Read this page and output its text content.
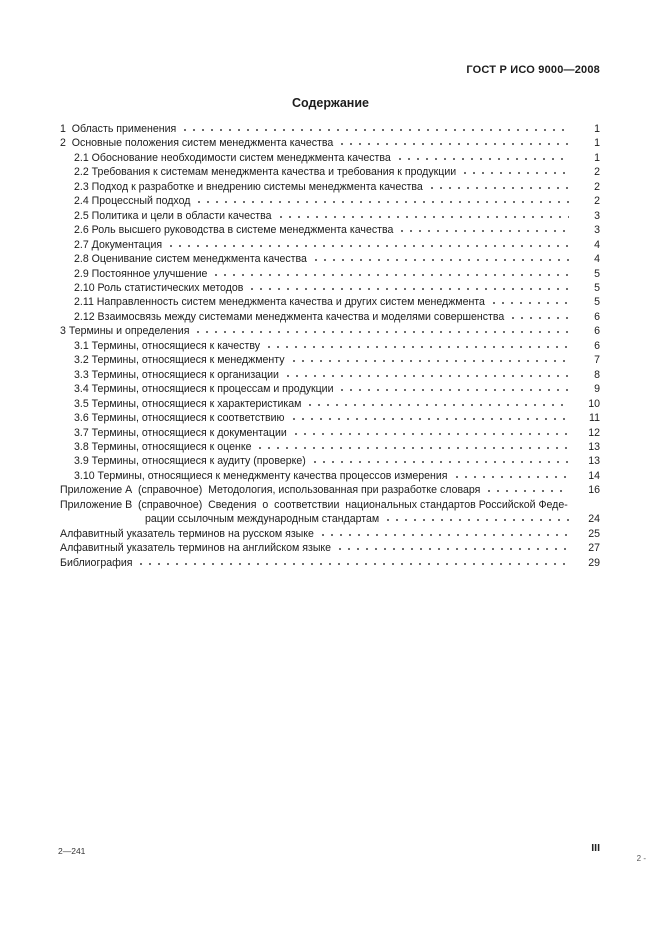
ГОСТ Р ИСО 9000—2008
Содержание
1  Область применения	1
2  Основные положения систем менеджмента качества	1
2.1 Обоснование необходимости систем менеджмента качества	1
2.2 Требования к системам менеджмента качества и требования к продукции	2
2.3 Подход к разработке и внедрению системы менеджмента качества	2
2.4 Процессный подход	2
2.5 Политика и цели в области качества	3
2.6 Роль высшего руководства в системе менеджмента качества	3
2.7 Документация	4
2.8 Оценивание систем менеджмента качества	4
2.9 Постоянное улучшение	5
2.10 Роль статистических методов	5
2.11 Направленность систем менеджмента качества и других систем менеджмента	5
2.12 Взаимосвязь между системами менеджмента качества и моделями совершенства	6
3 Термины и определения	6
3.1 Термины, относящиеся к качеству	6
3.2 Термины, относящиеся к менеджменту	7
3.3 Термины, относящиеся к организации	8
3.4 Термины, относящиеся к процессам и продукции	9
3.5 Термины, относящиеся к характеристикам	10
3.6 Термины, относящиеся к соответствию	11
3.7 Термины, относящиеся к документации	12
3.8 Термины, относящиеся к оценке	13
3.9 Термины, относящиеся к аудиту (проверке)	13
3.10 Термины, относящиеся к менеджменту качества процессов измерения	14
Приложение А  (справочное)  Методология, использованная при разработке словаря	16
Приложение В  (справочное)  Сведения  о  соответствии  национальных стандартов Российской Феде-
рации ссылочным международным стандартам	24
Алфавитный указатель терминов на русском языке	25
Алфавитный указатель терминов на английском языке	27
Библиография	29
2—241	III
2 -
